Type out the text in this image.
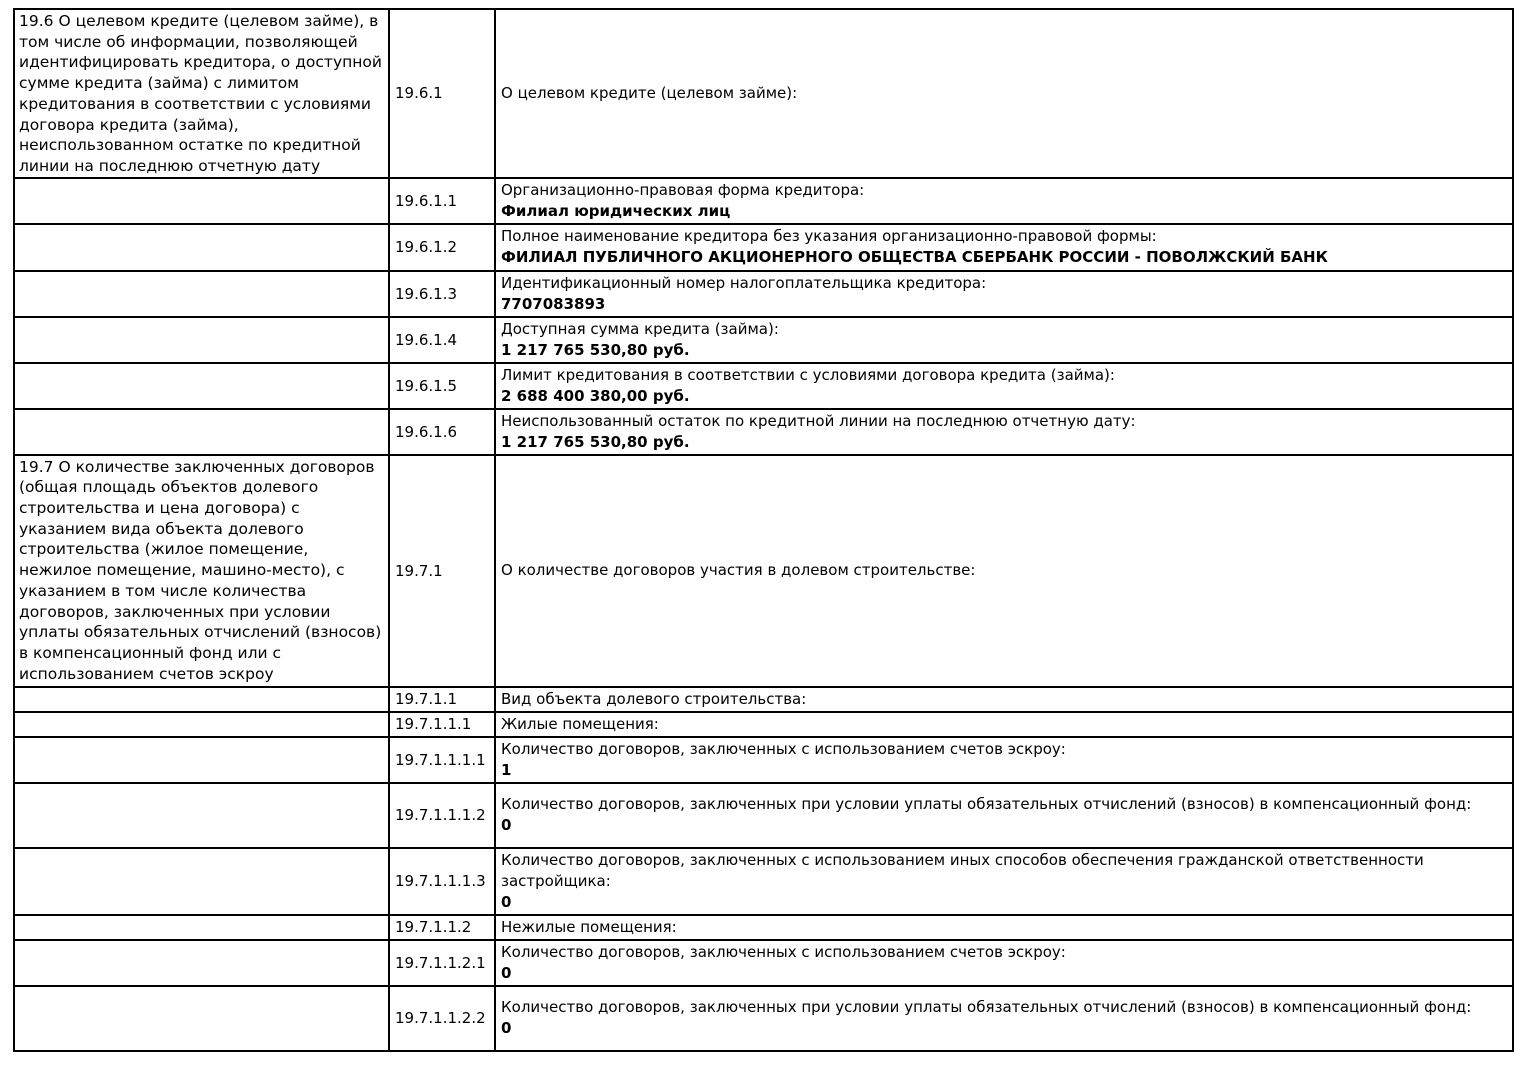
19.6 О целевом кредите (целевом займе), в том числе об информации, позволяющей идентифицировать кредитора, о доступной сумме кредита (займа) с лимитом кредитования в соответствии с условиями договора кредита (займа), неиспользованном остатке по кредитной линии на последнюю отчетную дату	19.6.1	О целевом кредите (целевом займе):

	19.6.1.1	Организационно-правовая форма кредитора:
Филиал юридических лиц

	19.6.1.2	Полное наименование кредитора без указания организационно-правовой формы:
ФИЛИАЛ ПУБЛИЧНОГО АКЦИОНЕРНОГО ОБЩЕСТВА СБЕРБАНК РОССИИ - ПОВОЛЖСКИЙ БАНК

	19.6.1.3	Идентификационный номер налогоплательщика кредитора:
7707083893

	19.6.1.4	Доступная сумма кредита (займа):
1 217 765 530,80 руб.

	19.6.1.5	Лимит кредитования в соответствии с условиями договора кредита (займа):
2 688 400 380,00 руб.

	19.6.1.6	Неиспользованный остаток по кредитной линии на последнюю отчетную дату:
1 217 765 530,80 руб.

19.7 О количестве заключенных договоров (общая площадь объектов долевого строительства и цена договора) с указанием вида объекта долевого строительства (жилое помещение, нежилое помещение, машино-место), с указанием в том числе количества договоров, заключенных при условии уплаты обязательных отчислений (взносов) в компенсационный фонд или с использованием счетов эскроу	19.7.1	О количестве договоров участия в долевом строительстве:

	19.7.1.1	Вид объекта долевого строительства:

	19.7.1.1.1	Жилые помещения:

	19.7.1.1.1.1	Количество договоров, заключенных с использованием счетов эскроу:
1

	19.7.1.1.1.2	Количество договоров, заключенных при условии уплаты обязательных отчислений (взносов) в компенсационный фонд:
0

	19.7.1.1.1.3	Количество договоров, заключенных с использованием иных способов обеспечения гражданской ответственности застройщика:
0

	19.7.1.1.2	Нежилые помещения:

	19.7.1.1.2.1	Количество договоров, заключенных с использованием счетов эскроу:
0

	19.7.1.1.2.2	Количество договоров, заключенных при условии уплаты обязательных отчислений (взносов) в компенсационный фонд:
0
